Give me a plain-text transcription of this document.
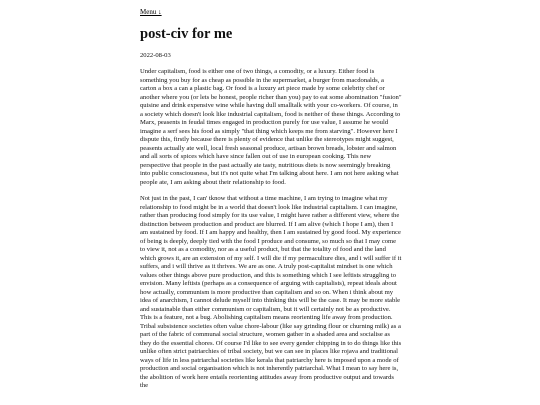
Menu ↓
post-civ for me
2022-08-03

Under capitalism, food is either one of two things, a comodity, or a luxury. Either food is something you buy for as cheap as possible in the supermarket, a burger from macdonalds, a carton a box a can a plastic bag. Or food is a luxury art piece made by some celebrity chef or another where you (or lets be honest, people richer than you) pay to eat some abomination "fusion" quisine and drink expensive wine while having dull smalltalk with your co-workers. Of course, in a society which doesn't look like industrial capitalism, food is neither of these things. According to Marx, peasents in feudal times engaged in production purely for use value, I assume he would imagine a serf sees his food as simply "that thing which keeps me from starving". However here I dispute this, firstly because there is plenty of evidence that unlike the stereotypes might suggest, peasents actually ate well, local fresh seasonal produce, artisan brown breads, lobster and salmon and all sorts of spices which have since fallen out of use in european cooking. This new perspective that people in the past actually ate tasty, nutritious diets is now seemingly breaking into public consciousness, but it's not quite what I'm talking about here. I am not here asking what people ate, I am asking about their relationship to food.

Not just in the past, I can' tknow that without a time machine, I am trying to imagine what my relationship to food might be in a world that doesn't look like industrial capitalism. I can imagine, rather than producing food simply for its use value, I might have rather a different view, where the distinction between production and product are blurred. If I am alive (which I hope I am), then I am sustained by food. If I am happy and healthy, then I am sustained by good food. My experience of being is deeply, deeply tied with the food I produce and consume, so much so that I may come to view it, not as a comodity, nor as a useful product, but that the totality of food and the land which grows it, are an extension of my self. I will die if my permaculture dies, and i will suffer if it suffers, and i will thrive as it thrives. We are as one. A truly post-capitalist mindset is one which values other things above pure production, and this is something which I see leftists struggling to envision. Many leftists (perhaps as a consequence of arguing with capitalists), repeat ideals about how actually, communism is more productive than capitalism and so on. When i think about my idea of anarchism, I cannot delude myself into thinking this will be the case. It may be more stable and sustainable than either communism or capitalism, but it will certainly not be as productive. This is a feature, not a bug. Abolishing capitalism means reorienting life away from production. Tribal subsistence societies often value chore-labour (like say grinding flour or churning milk) as a part of the fabric of communal social structure, women gather in a shaded area and socialise as they do the essential chores. Of course I'd like to see every gender chipping in to do things like this unlike often strict patriarchies of tribal society, but we can see in places like rojava and traditional ways of life in less patriarchal societies like kerala that patriarchy here is imposed upon a mode of production and social organisation which is not inherently patriarchal. What I mean to say here is, the abolition of work here entails reorienting attitudes away from productive output and towards the
